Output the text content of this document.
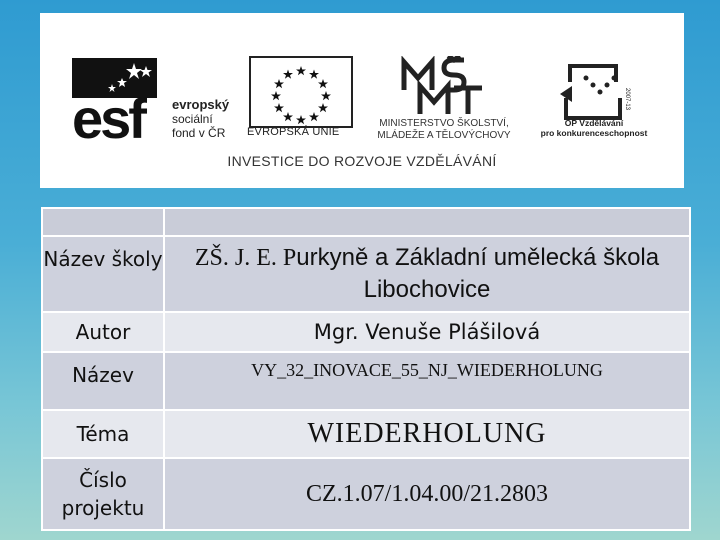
esf evropský
sociální
fond v ČR	EVROPSKÁ UNIE
MINISTERSTVO ŠKOLSTVÍ,
MLÁDEŽE A TĚLOVÝCHOVY
2007-13
OP Vzdělávání
pro konkurenceschopnost
INVESTICE DO ROZVOJE VZDĚLÁVÁNÍ

Název školy	ZŠ. J. E. Purkyně a Základní umělecká škola Libochovice
Autor	Mgr. Venuše Plášilová
Název	VY_32_INOVACE_55_NJ_WIEDERHOLUNG
Téma	WIEDERHOLUNG
Číslo projektu	CZ.1.07/1.04.00/21.2803
